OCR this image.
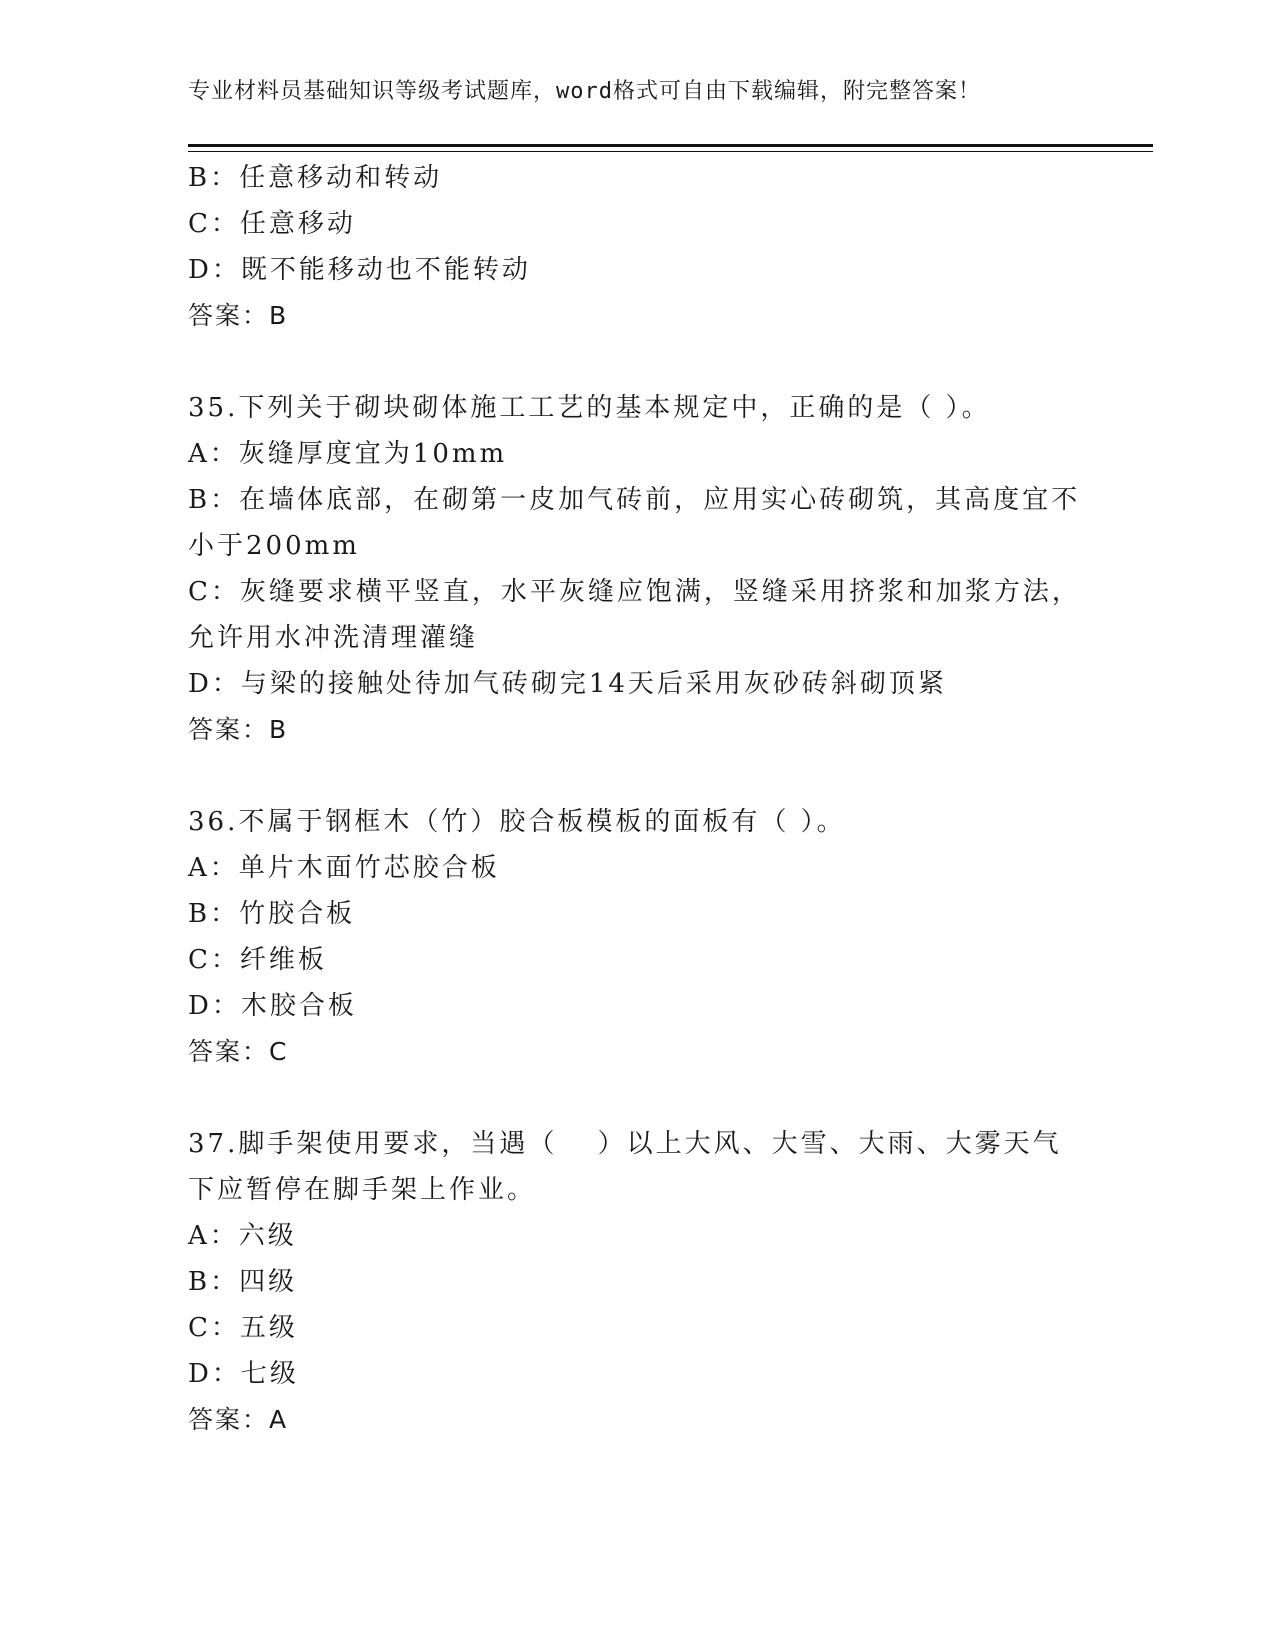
专业材料员基础知识等级考试题库，word格式可自由下载编辑，附完整答案！
B：任意移动和转动
C：任意移动
D：既不能移动也不能转动
答案：B
35.下列关于砌块砌体施工工艺的基本规定中，正确的是（ ）。
A：灰缝厚度宜为10mm
B：在墙体底部，在砌第一皮加气砖前，应用实心砖砌筑，其高度宜不
小于200mm
C：灰缝要求横平竖直，水平灰缝应饱满，竖缝采用挤浆和加浆方法，
允许用水冲洗清理灌缝
D：与梁的接触处待加气砖砌完14天后采用灰砂砖斜砌顶紧
答案：B
36.不属于钢框木（竹）胶合板模板的面板有（ ）。
A：单片木面竹芯胶合板
B：竹胶合板
C：纤维板
D：木胶合板
答案：C
37.脚手架使用要求，当遇（　 ）以上大风、大雪、大雨、大雾天气
下应暂停在脚手架上作业。
A：六级
B：四级
C：五级
D：七级
答案：A
